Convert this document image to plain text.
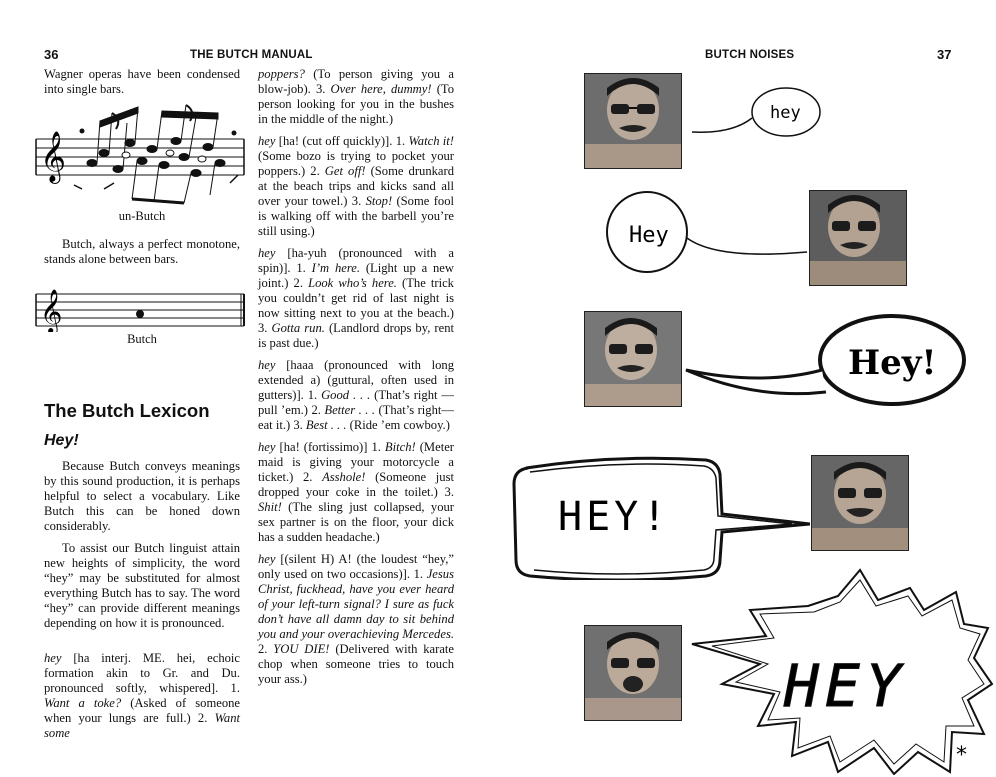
36	THE BUTCH MANUAL
Wagner operas have been condensed into single bars.
𝄞
un-Butch
Butch, always a perfect monotone, stands alone between bars.
𝄞
Butch
The Butch Lexicon
Hey!

Because Butch conveys meanings by this sound production, it is perhaps helpful to select a vocabulary. Like Butch this can be honed down considerably.

To assist our Butch linguist attain new heights of simplicity, the word “hey” may be substituted for almost everything Butch has to say. The word “hey” can provide different meanings depending on how it is pronounced.

hey [ha interj. ME. hei, echoic formation akin to Gr. and Du. pronounced softly, whispered]. 1. Want a toke? (Asked of someone when your lungs are full.) 2. Want some

poppers? (To person giving you a blow-job). 3. Over here, dummy! (To person looking for you in the bushes in the middle of the night.)

hey [ha! (cut off quickly)]. 1. Watch it! (Some bozo is trying to pocket your poppers.) 2. Get off! (Some drunkard at the beach trips and kicks sand all over your towel.) 3. Stop! (Some fool is walking off with the barbell you’re still using.)

hey [ha-yuh (pronounced with a spin)]. 1. I’m here. (Light up a new joint.) 2. Look who’s here. (The trick you couldn’t get rid of last night is now sitting next to you at the beach.) 3. Gotta run. (Landlord drops by, rent is past due.)

hey [haaa (pronounced with long extended a) (guttural, often used in gutters)]. 1. Good . . . (That’s right —pull ’em.) 2. Better . . . (That’s right—eat it.) 3. Best . . . (Ride ’em cowboy.)

hey [ha! (fortissimo)] 1. Bitch! (Meter maid is giving your motorcycle a ticket.) 2. Asshole! (Someone just dropped your coke in the toilet.) 3. Shit! (The sling just collapsed, your sex partner is on the floor, your dick has a sudden headache.)

hey [(silent H) A! (the loudest “hey,” only used on two occasions)]. 1. Jesus Christ, fuckhead, have you ever heard of your left-turn signal? I sure as fuck don’t have all damn day to sit behind you and your overachieving Mercedes. 2. YOU DIE! (Delivered with karate chop when someone tries to touch your ass.)

BUTCH NOISES	37
hey
Hey
Hey!
HEY!
HEY
*
